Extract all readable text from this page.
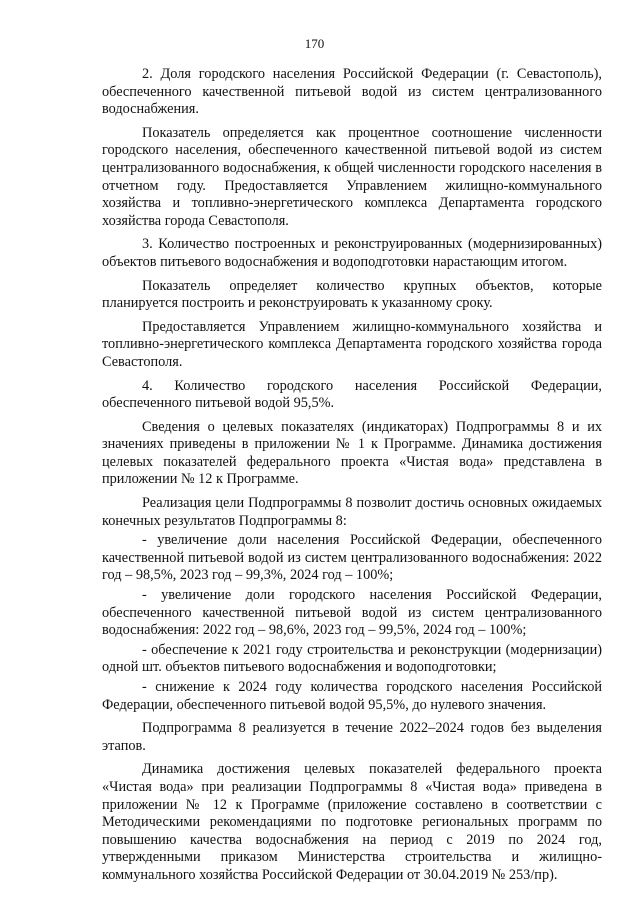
170

2. Доля городского населения Российской Федерации (г. Севастополь), обеспеченного качественной питьевой водой из систем централизованного водоснабжения.

Показатель определяется как процентное соотношение численности городского населения, обеспеченного качественной питьевой водой из систем централизованного водоснабжения, к общей численности городского населения в отчетном году. Предоставляется Управлением жилищно-коммунального хозяйства и топливно-энергетического комплекса Департамента городского хозяйства города Севастополя.

3. Количество построенных и реконструированных (модернизированных) объектов питьевого водоснабжения и водоподготовки нарастающим итогом.

Показатель определяет количество крупных объектов, которые планируется построить и реконструировать к указанному сроку.

Предоставляется Управлением жилищно-коммунального хозяйства и топливно-энергетического комплекса Департамента городского хозяйства города Севастополя.

4. Количество городского населения Российской Федерации, обеспеченного питьевой водой 95,5%.

Сведения о целевых показателях (индикаторах) Подпрограммы 8 и их значениях приведены в приложении № 1 к Программе. Динамика достижения целевых показателей федерального проекта «Чистая вода» представлена в приложении № 12 к Программе.

Реализация цели Подпрограммы 8 позволит достичь основных ожидаемых конечных результатов Подпрограммы 8:

- увеличение доли населения Российской Федерации, обеспеченного качественной питьевой водой из систем централизованного водоснабжения: 2022 год – 98,5%, 2023 год – 99,3%, 2024 год – 100%;

- увеличение доли городского населения Российской Федерации, обеспеченного качественной питьевой водой из систем централизованного водоснабжения: 2022 год – 98,6%, 2023 год – 99,5%, 2024 год – 100%;

- обеспечение к 2021 году строительства и реконструкции (модернизации) одной шт. объектов питьевого водоснабжения и водоподготовки;

- снижение к 2024 году количества городского населения Российской Федерации, обеспеченного питьевой водой 95,5%, до нулевого значения.

Подпрограмма 8 реализуется в течение 2022–2024 годов без выделения этапов.

Динамика достижения целевых показателей федерального проекта «Чистая вода» при реализации Подпрограммы 8 «Чистая вода» приведена в приложении № 12 к Программе (приложение составлено в соответствии с Методическими рекомендациями по подготовке региональных программ по повышению качества водоснабжения на период с 2019 по 2024 год, утвержденными приказом Министерства строительства и жилищно-коммунального хозяйства Российской Федерации от 30.04.2019 № 253/пр).
